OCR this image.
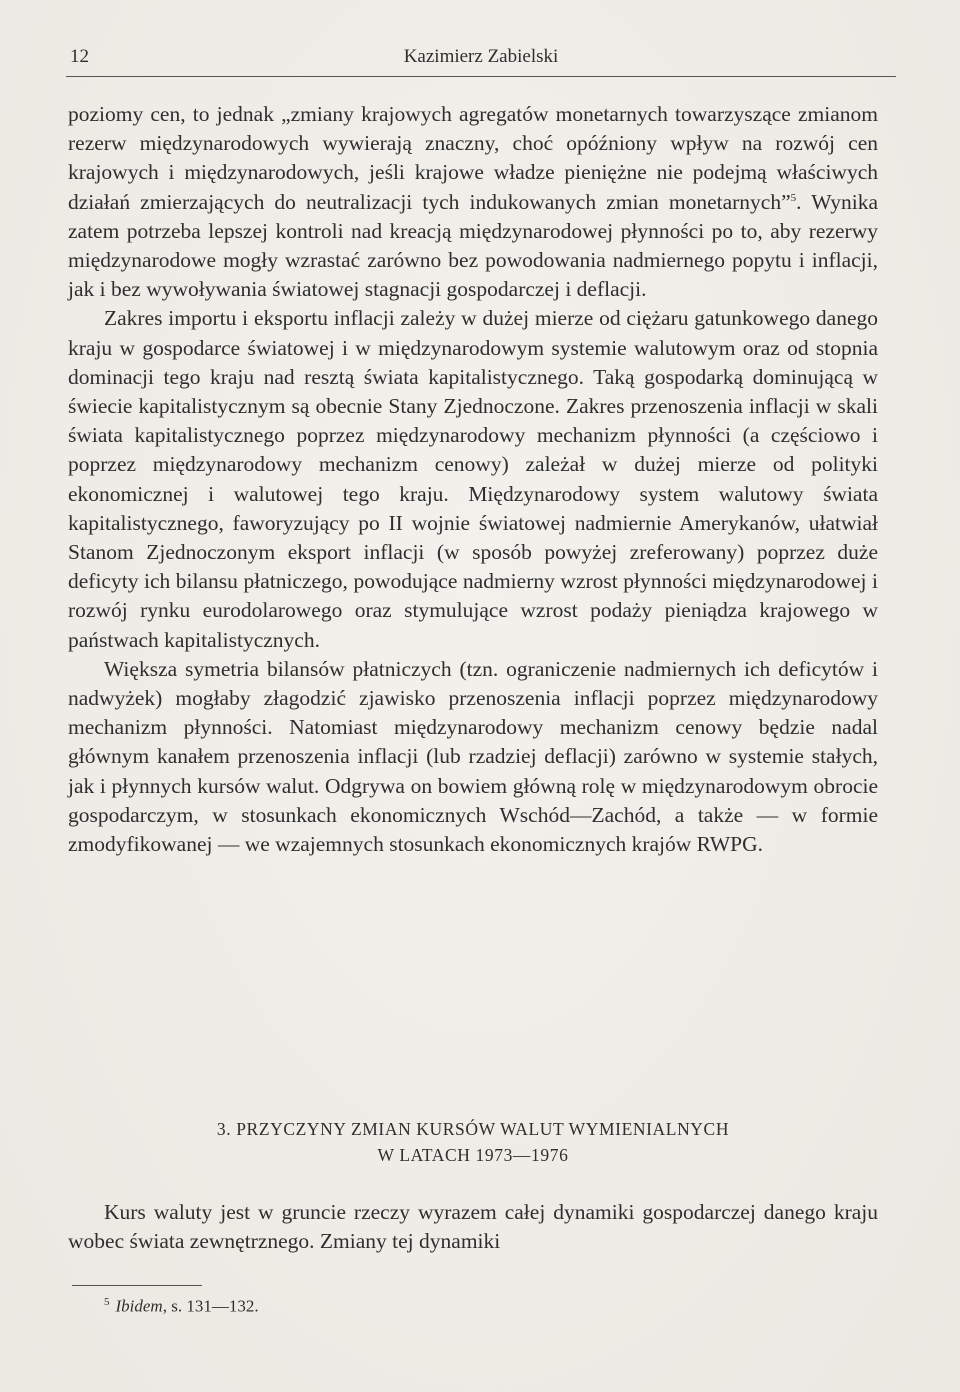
12	Kazimierz Zabielski

poziomy cen, to jednak „zmiany krajowych agregatów monetarnych towarzyszące zmianom rezerw międzynarodowych wywierają znaczny, choć opóźniony wpływ na rozwój cen krajowych i międzynarodowych, jeśli krajowe władze pieniężne nie podejmą właściwych działań zmierzających do neutralizacji tych indukowanych zmian monetarnych”$^5$. Wynika zatem potrzeba lepszej kontroli nad kreacją międzynarodowej płynności po to, aby rezerwy międzynarodowe mogły wzrastać zarówno bez powodowania nadmiernego popytu i inflacji, jak i bez wywoływania światowej stagnacji gospodarczej i deflacji.

Zakres importu i eksportu inflacji zależy w dużej mierze od ciężaru gatunkowego danego kraju w gospodarce światowej i w międzynarodowym systemie walutowym oraz od stopnia dominacji tego kraju nad resztą świata kapitalistycznego. Taką gospodarką dominującą w świecie kapitalistycznym są obecnie Stany Zjednoczone. Zakres przenoszenia inflacji w skali świata kapitalistycznego poprzez międzynarodowy mechanizm płynności (a częściowo i poprzez międzynarodowy mechanizm cenowy) zależał w dużej mierze od polityki ekonomicznej i walutowej tego kraju. Międzynarodowy system walutowy świata kapitalistycznego, faworyzujący po II wojnie światowej nadmiernie Amerykanów, ułatwiał Stanom Zjednoczonym eksport inflacji (w sposób powyżej zreferowany) poprzez duże deficyty ich bilansu płatniczego, powodujące nadmierny wzrost płynności międzynarodowej i rozwój rynku eurodolarowego oraz stymulujące wzrost podaży pieniądza krajowego w państwach kapitalistycznych.

Większa symetria bilansów płatniczych (tzn. ograniczenie nadmiernych ich deficytów i nadwyżek) mogłaby złagodzić zjawisko przenoszenia inflacji poprzez międzynarodowy mechanizm płynności. Natomiast międzynarodowy mechanizm cenowy będzie nadal głównym kanałem przenoszenia inflacji (lub rzadziej deflacji) zarówno w systemie stałych, jak i płynnych kursów walut. Odgrywa on bowiem główną rolę w międzynarodowym obrocie gospodarczym, w stosunkach ekonomicznych Wschód—Zachód, a także — w formie zmodyfikowanej — we wzajemnych stosunkach ekonomicznych krajów RWPG.

3. PRZYCZYNY ZMIAN KURSÓW WALUT WYMIENIALNYCH
W LATACH 1973—1976

Kurs waluty jest w gruncie rzeczy wyrazem całej dynamiki gospodarczej danego kraju wobec świata zewnętrznego. Zmiany tej dynamiki

$^5$ Ibidem, s. 131—132.
